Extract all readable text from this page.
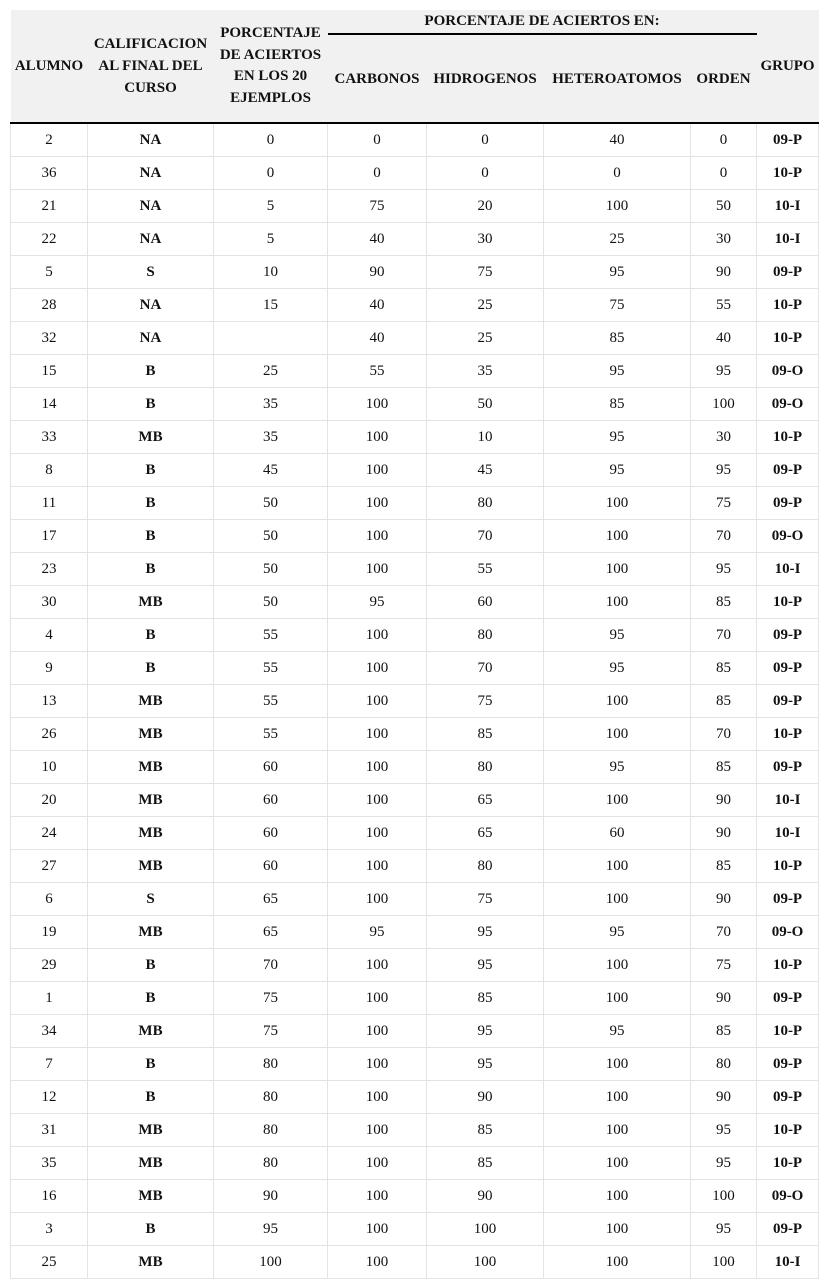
ALUMNO	CALIFICACION AL FINAL DEL CURSO	PORCENTAJE DE ACIERTOS EN LOS 20 EJEMPLOS	PORCENTAJE DE ACIERTOS EN:				GRUPO
			CARBONOS	HIDROGENOS	HETEROATOMOS	ORDEN	
2	NA	0	0	0	40	0	09-P
36	NA	0	0	0	0	0	10-P
21	NA	5	75	20	100	50	10-I
22	NA	5	40	30	25	30	10-I
5	S	10	90	75	95	90	09-P
28	NA	15	40	25	75	55	10-P
32	NA		40	25	85	40	10-P
15	B	25	55	35	95	95	09-O
14	B	35	100	50	85	100	09-O
33	MB	35	100	10	95	30	10-P
8	B	45	100	45	95	95	09-P
11	B	50	100	80	100	75	09-P
17	B	50	100	70	100	70	09-O
23	B	50	100	55	100	95	10-I
30	MB	50	95	60	100	85	10-P
4	B	55	100	80	95	70	09-P
9	B	55	100	70	95	85	09-P
13	MB	55	100	75	100	85	09-P
26	MB	55	100	85	100	70	10-P
10	MB	60	100	80	95	85	09-P
20	MB	60	100	65	100	90	10-I
24	MB	60	100	65	60	90	10-I
27	MB	60	100	80	100	85	10-P
6	S	65	100	75	100	90	09-P
19	MB	65	95	95	95	70	09-O
29	B	70	100	95	100	75	10-P
1	B	75	100	85	100	90	09-P
34	MB	75	100	95	95	85	10-P
7	B	80	100	95	100	80	09-P
12	B	80	100	90	100	90	09-P
31	MB	80	100	85	100	95	10-P
35	MB	80	100	85	100	95	10-P
16	MB	90	100	90	100	100	09-O
3	B	95	100	100	100	95	09-P
25	MB	100	100	100	100	100	10-I
